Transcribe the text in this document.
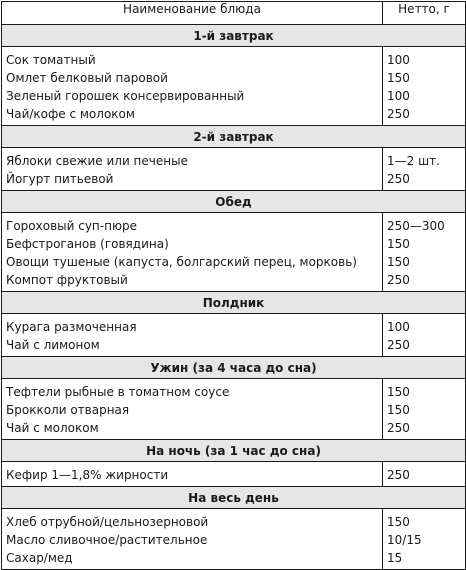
Наименование блюда	Нетто, г
1-й завтрак	

Сок томатный	100
Омлет белковый паровой	150
Зеленый горошек консервированный	100
Чай/кофе с молоком	250
2-й завтрак	

Яблоки свежие или печеные	1—2 шт.
Йогурт питьевой	250
Обед	

Гороховый суп-пюре	250—300
Бефстроганов (говядина)	150
Овощи тушеные (капуста, болгарский перец, морковь)	150
Компот фруктовый	250
Полдник	

Курага размоченная	100
Чай с лимоном	250
Ужин (за 4 часа до сна)	

Тефтели рыбные в томатном соусе	150
Брокколи отварная	150
Чай с молоком	250
На ночь (за 1 час до сна)	

Кефир 1—1,8% жирности	250
На весь день	

Хлеб отрубной/цельнозерновой	150
Масло сливочное/растительное	10/15
Сахар/мед	15
